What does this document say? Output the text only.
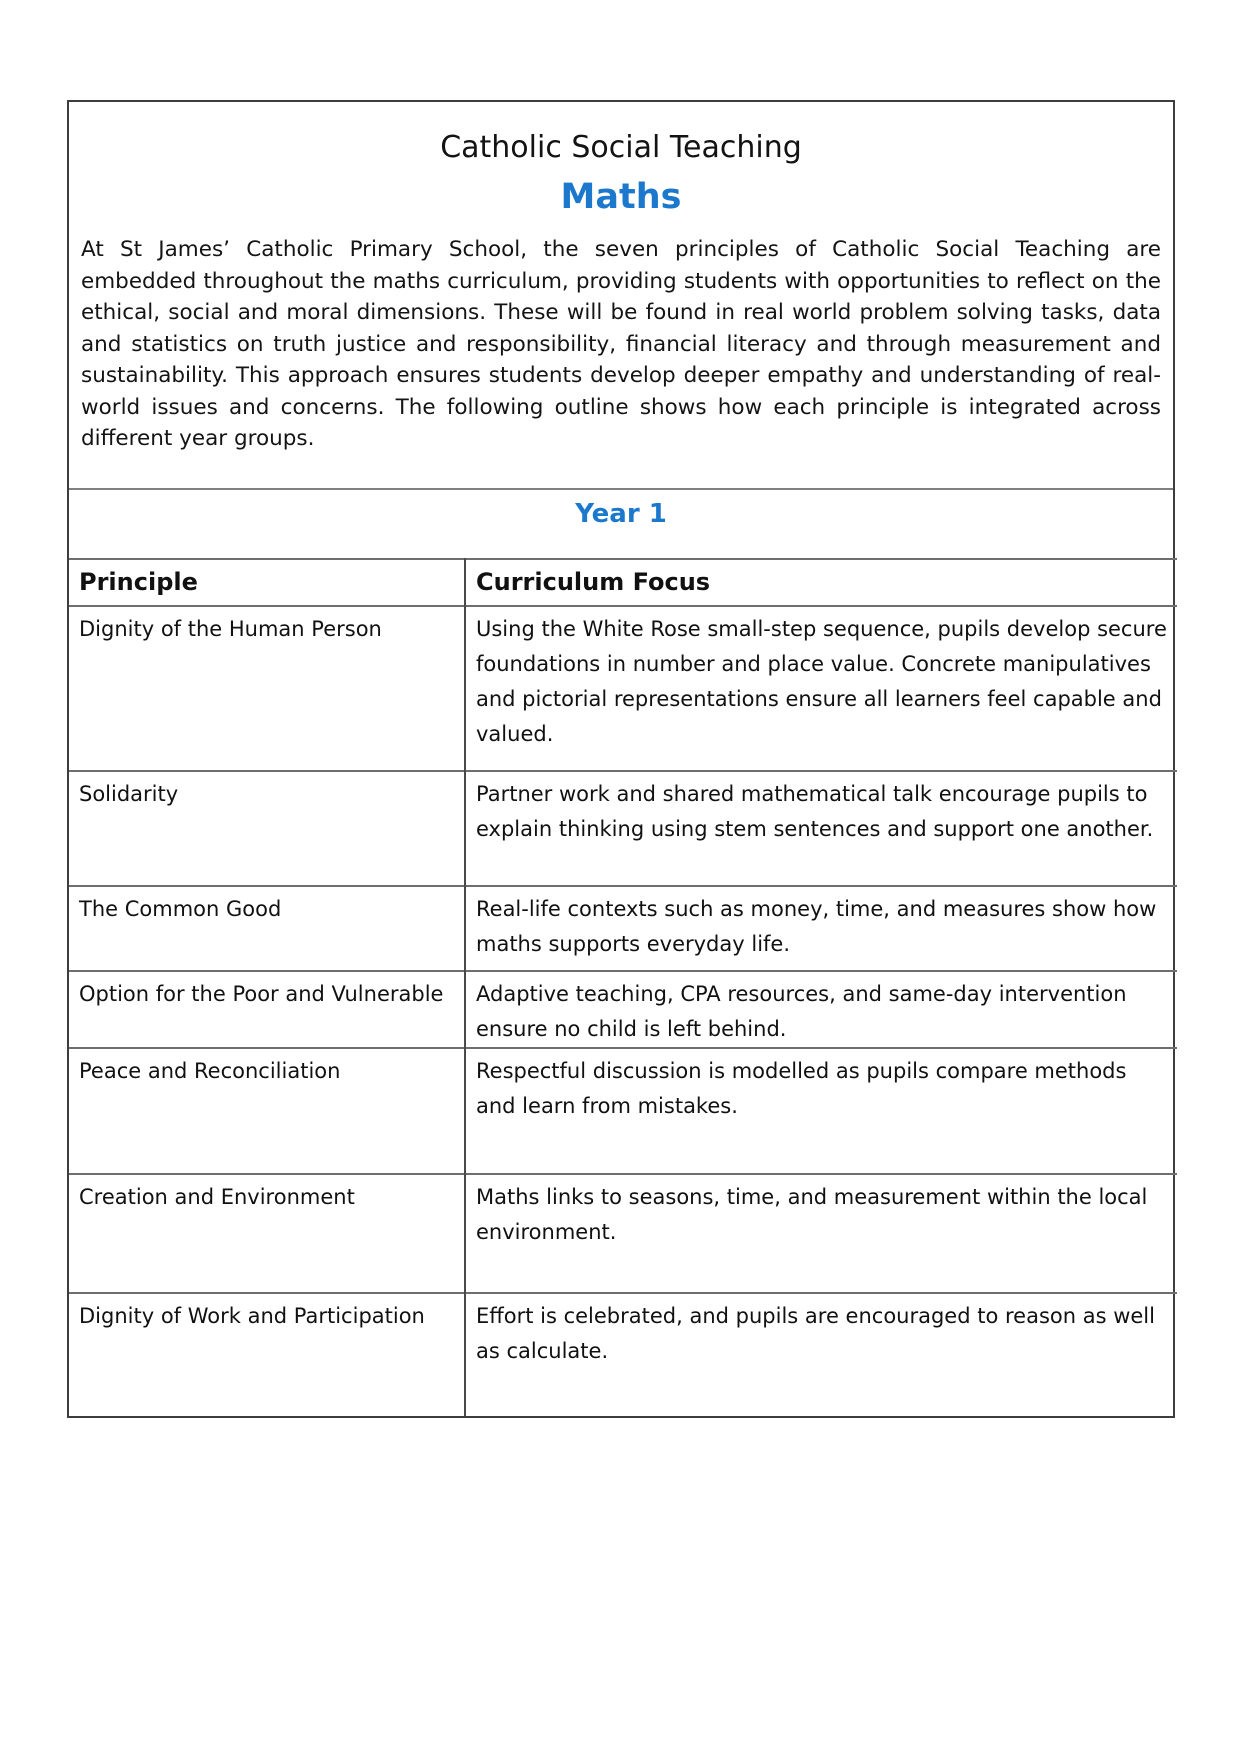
Catholic Social Teaching
Maths
At St James’ Catholic Primary School, the seven principles of Catholic Social Teaching are embedded throughout the maths curriculum, providing students with opportunities to reflect on the ethical, social and moral dimensions. These will be found in real world problem solving tasks, data and statistics on truth justice and responsibility, financial literacy and through measurement and sustainability. This approach ensures students develop deeper empathy and understanding of real-world issues and concerns. The following outline shows how each principle is integrated across different year groups.
Year 1
Principle	Curriculum Focus
Dignity of the Human Person	Using the White Rose small-step sequence, pupils develop secure foundations in number and place value. Concrete manipulatives and pictorial representations ensure all learners feel capable and valued.
Solidarity	Partner work and shared mathematical talk encourage pupils to explain thinking using stem sentences and support one another.
The Common Good	Real-life contexts such as money, time, and measures show how maths supports everyday life.
Option for the Poor and Vulnerable	Adaptive teaching, CPA resources, and same-day intervention ensure no child is left behind.
Peace and Reconciliation	Respectful discussion is modelled as pupils compare methods and learn from mistakes.
Creation and Environment	Maths links to seasons, time, and measurement within the local environment.
Dignity of Work and Participation	Effort is celebrated, and pupils are encouraged to reason as well as calculate.
